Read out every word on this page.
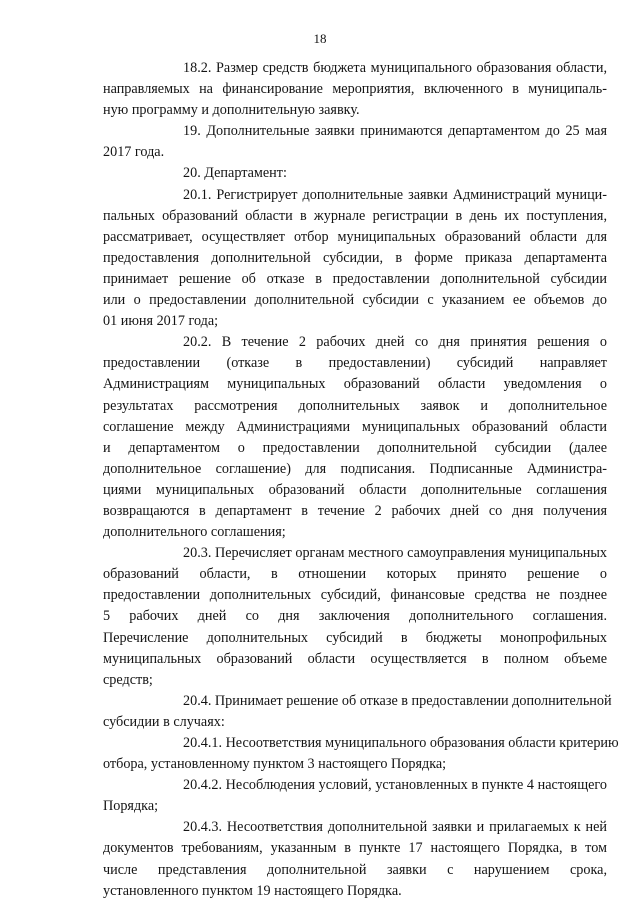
18

18.2. Размер средств бюджета муниципального образования области,
направляемых на финансирование мероприятия, включенного в муниципаль-
ную программу и дополнительную заявку.

19. Дополнительные заявки принимаются департаментом до 25 мая
2017 года.

20. Департамент:

20.1. Регистрирует дополнительные заявки Администраций муници-
пальных образований области в журнале регистрации в день их поступления,
рассматривает, осуществляет отбор муниципальных образований области для
предоставления дополнительной субсидии, в форме приказа департамента
принимает решение об отказе в предоставлении дополнительной субсидии
или о предоставлении дополнительной субсидии с указанием ее объемов до
01 июня 2017 года;

20.2. В течение 2 рабочих дней со дня принятия решения о
предоставлении (отказе в предоставлении) субсидий направляет
Администрациям муниципальных образований области уведомления о
результатах рассмотрения дополнительных заявок и дополнительное
соглашение между Администрациями муниципальных образований области
и департаментом о предоставлении дополнительной субсидии (далее
дополнительное соглашение) для подписания. Подписанные Администра-
циями муниципальных образований области дополнительные соглашения
возвращаются в департамент в течение 2 рабочих дней со дня получения
дополнительного соглашения;

20.3. Перечисляет органам местного самоуправления муниципальных
образований области, в отношении которых принято решение о
предоставлении дополнительных субсидий, финансовые средства не позднее
5 рабочих дней со дня заключения дополнительного соглашения.
Перечисление дополнительных субсидий в бюджеты монопрофильных
муниципальных образований области осуществляется в полном объеме
средств;

20.4. Принимает решение об отказе в предоставлении дополнительной
субсидии в случаях:

20.4.1. Несоответствия муниципального образования области критерию
отбора, установленному пунктом 3 настоящего Порядка;

20.4.2. Несоблюдения условий, установленных в пункте 4 настоящего
Порядка;

20.4.3. Несоответствия дополнительной заявки и прилагаемых к ней
документов требованиям, указанным в пункте 17 настоящего Порядка, в том
числе представления дополнительной заявки с нарушением срока,
установленного пунктом 19 настоящего Порядка.
